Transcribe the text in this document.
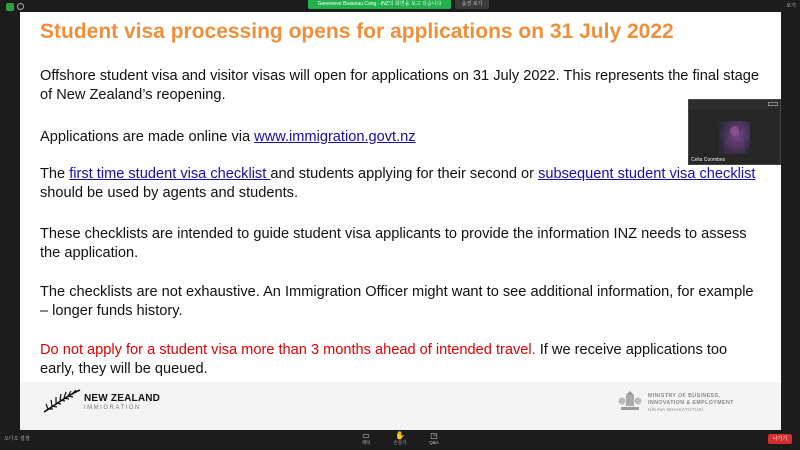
Genevieve Beaunau Cang - INZ의 화면을 보고 있습니다	옵션 보기	보기
Student visa processing opens for applications on 31 July 2022
Offshore student visa and visitor visas will open for applications on 31 July 2022. This represents the final stage of New Zealand’s reopening.
Applications are made online via www.immigration.govt.nz
The first time student visa checklist and students applying for their second or subsequent student visa checklist should be used by agents and students.
These checklists are intended to guide student visa applicants to provide the information INZ needs to assess the application.
The checklists are not exhaustive. An Immigration Officer might want to see additional information, for example – longer funds history.
Do not apply for a student visa more than 3 months ahead of intended travel. If we receive applications too early, they will be queued.
NEW ZEALAND
IMMIGRATION
MINISTRY OF BUSINESS,
INNOVATION & EMPLOYMENT
HĪKINA WHAKATUTUKI
Celia Coombes
오디오 설정	▭
채팅
✋
손들기
◳
Q&A
나가기
